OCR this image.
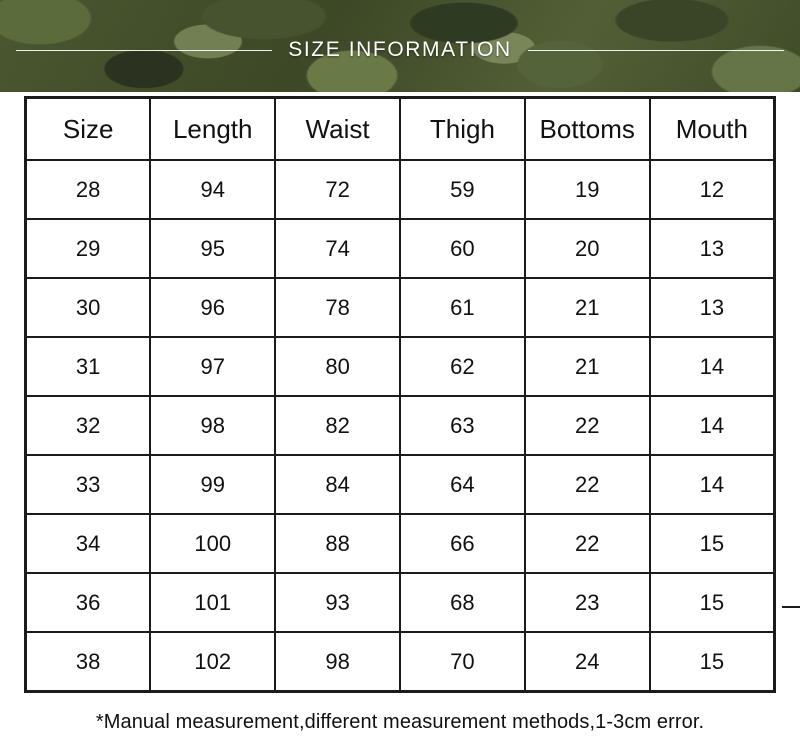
SIZE INFORMATION
Size	Length	Waist	Thigh	Bottoms	Mouth
28	94	72	59	19	12
29	95	74	60	20	13
30	96	78	61	21	13
31	97	80	62	21	14
32	98	82	63	22	14
33	99	84	64	22	14
34	100	88	66	22	15
36	101	93	68	23	15
38	102	98	70	24	15
*Manual measurement,different measurement methods,1-3cm error.
